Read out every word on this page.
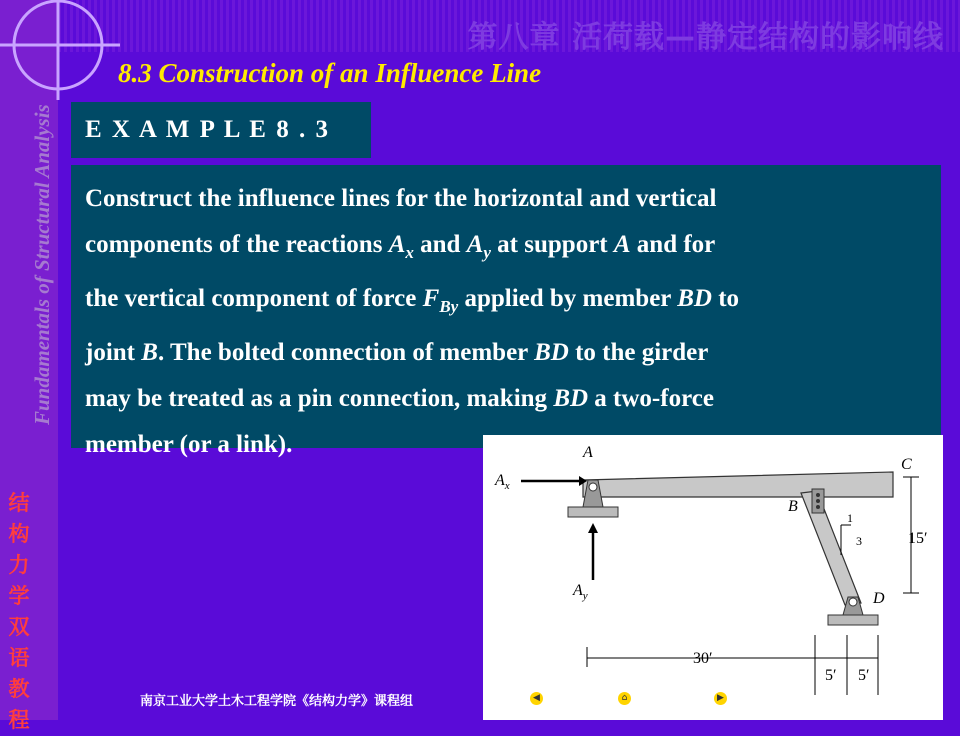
第八章 活荷载—静定结构的影响线
8.3 Construction of an Influence Line
Fundamentals of Structural Analysis
结构力学双语教程
E X A M P L E 8 . 3

Construct the influence lines for the horizontal and vertical

components of the reactions $A_x$ and $A_y$ at support A and for

the vertical component of force $F_{By}$ applied by member BD to

joint B. The bolted connection of member BD to the girder

may be treated as a pin connection, making BD a two-force

member (or a link).	A
C
B
D
$A_x$
$A_y$
1
3	15′
30′
5′ 5′
南京工业大学土木工程学院《结构力学》课程组	◀ 上一页	⌂ 回目录	▶ 下一页
